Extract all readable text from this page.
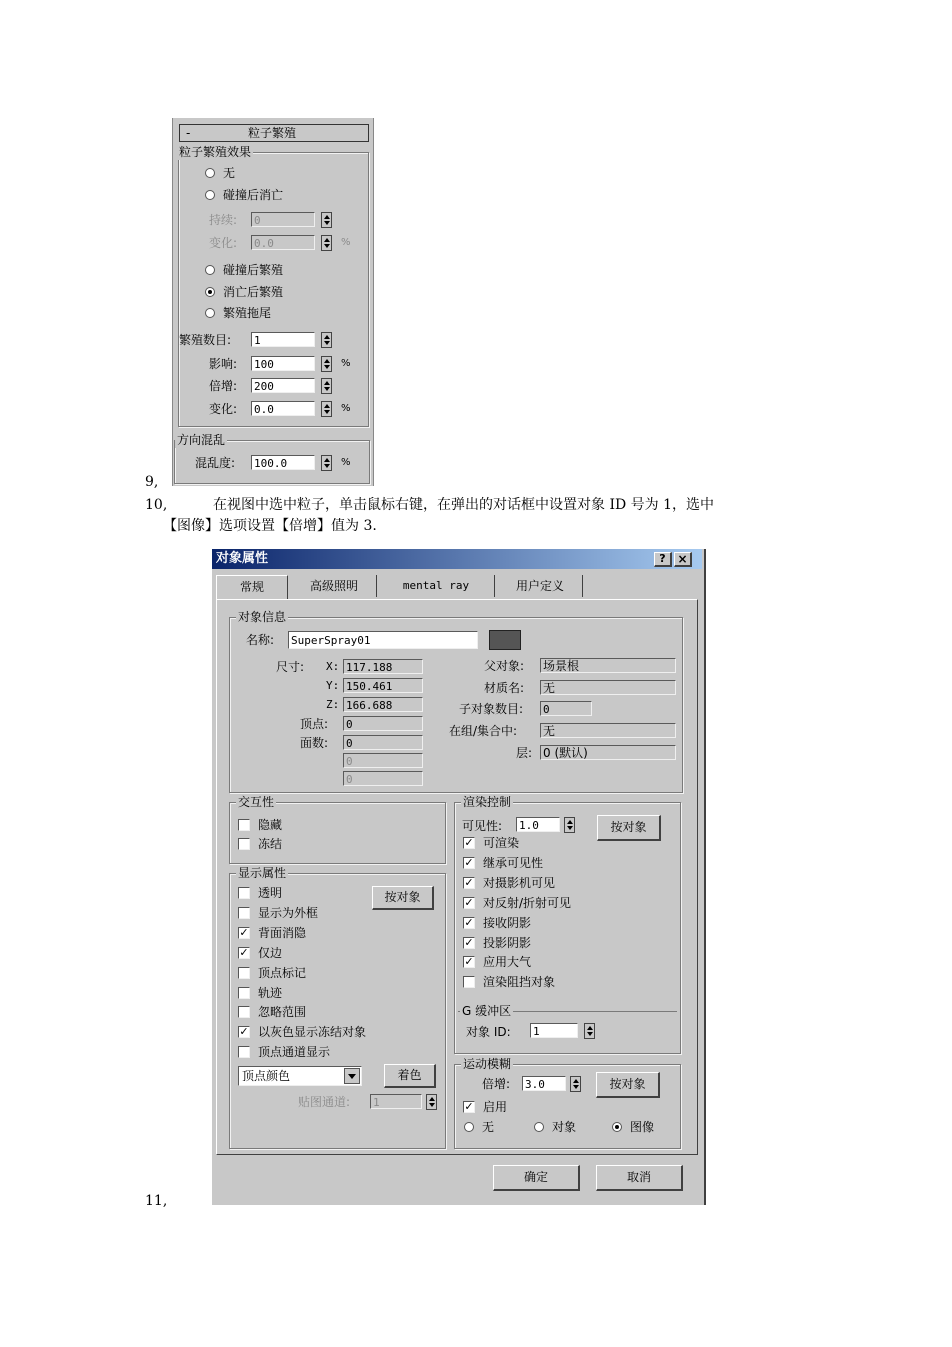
9,
10,	在视图中选中粒子，单击鼠标右键，在弹出的对话框中设置对象 ID 号为 1，选中
【图像】选项设置【倍增】值为 3.
11,
-	粒子繁殖
粒子繁殖效果
无
碰撞后消亡
持续: 0
变化: 0.0	%
碰撞后繁殖
消亡后繁殖
繁殖拖尾
繁殖数目: 1
影响: 100	%
倍增: 200
变化: 0.0	%
方向混乱
混乱度: 100.0	%
对象属性	? ×
常规	高级照明	mental ray	用户定义
对象信息
名称: SuperSpray01
尺寸: X: 117.188
Y: 150.461
Z: 166.688
顶点: 0
面数: 0
0
0
父对象: 场景根
材质名: 无
子对象数目: 0
在组/集合中: 无
层: 0 (默认)
交互性
隐藏
冻结
显示属性
按对象
顶点颜色	着色
贴图通道: 1
渲染控制
可见性: 1.0	按对象
G 缓冲区
对象 ID: 1
运动模糊
倍增: 3.0	按对象
✓ 启用
无	对象	图像
确定	取消
透明
显示为外框
✓ 背面消隐
✓ 仅边
顶点标记
轨迹
忽略范围
✓ 以灰色显示冻结对象
顶点通道显示
✓ 可渲染
✓ 继承可见性
✓ 对摄影机可见
✓ 对反射/折射可见
✓ 接收阴影
✓ 投影阴影
✓ 应用大气
渲染阻挡对象
